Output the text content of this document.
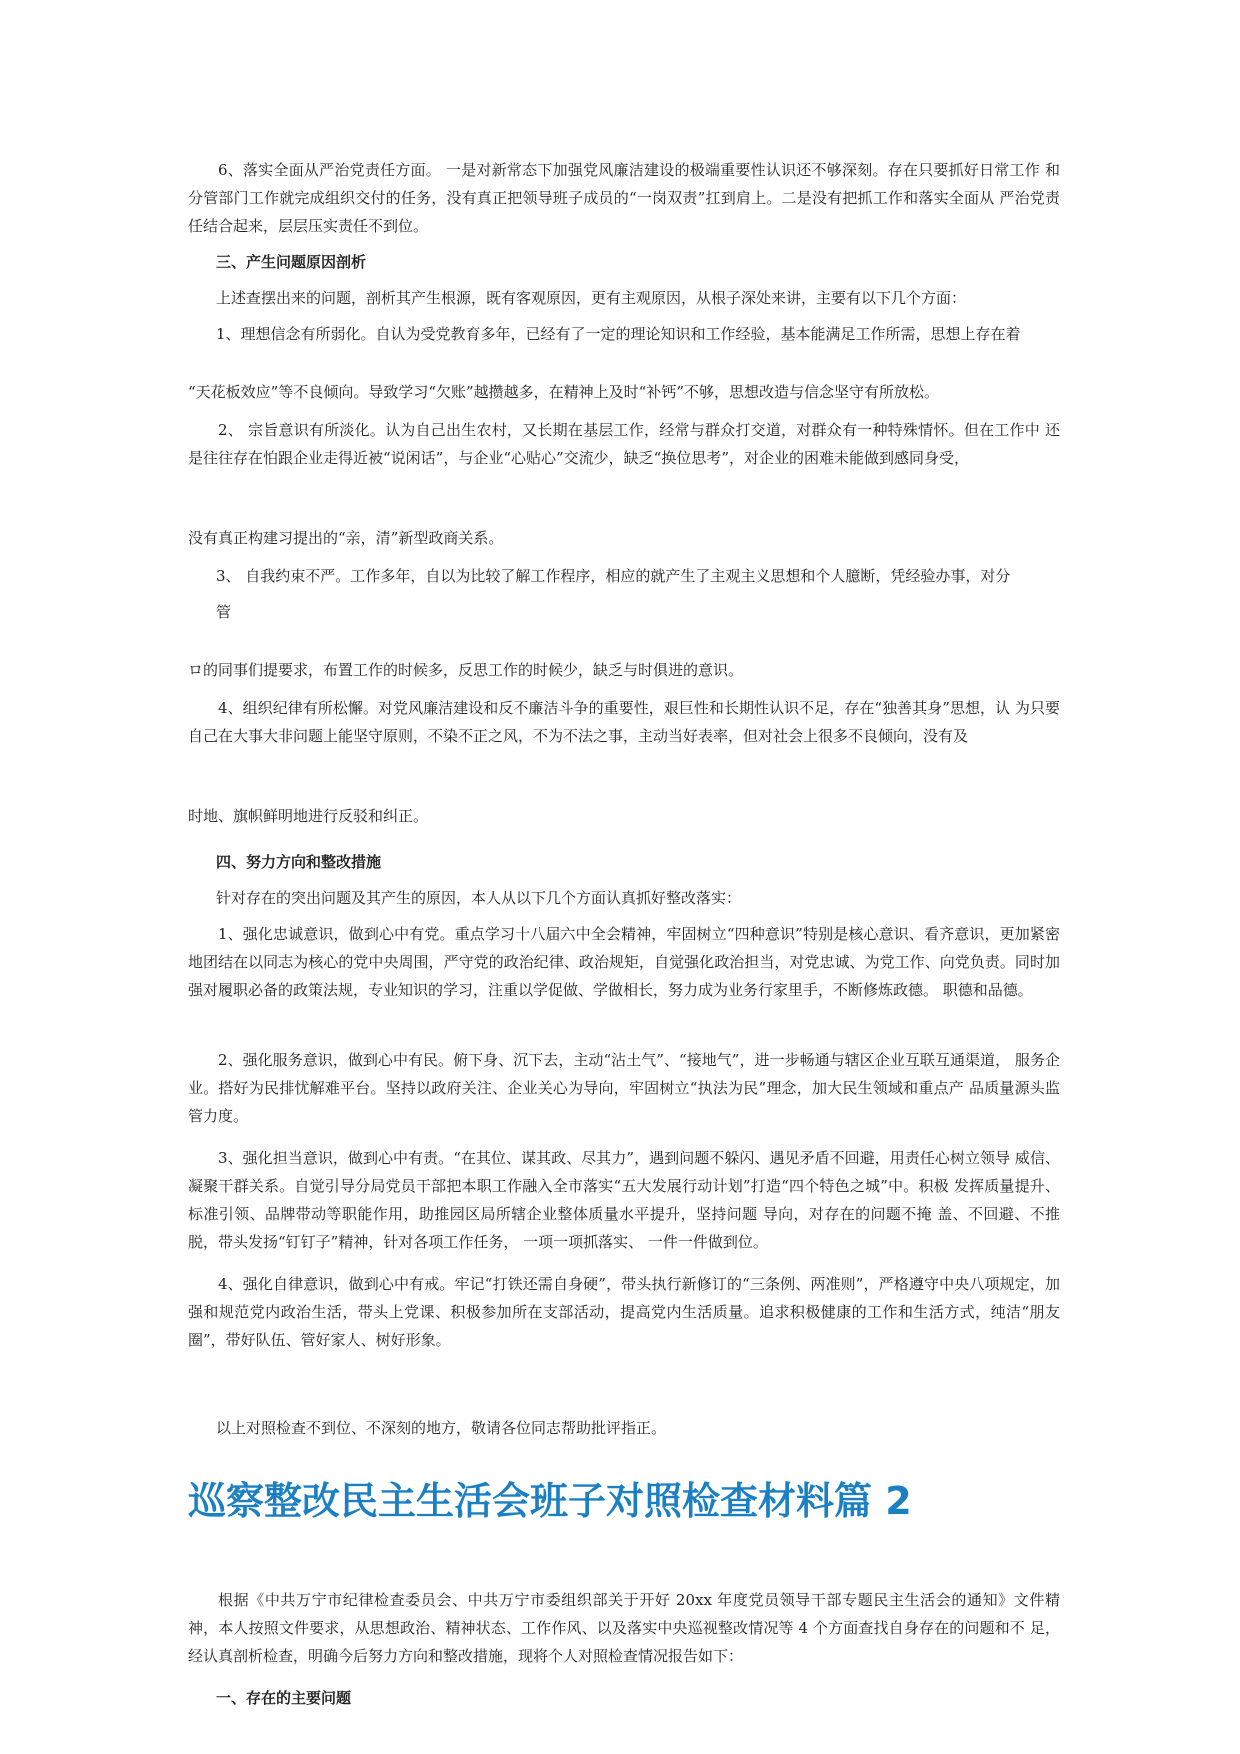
6、落实全面从严治党责任方面。 一是对新常态下加强党风廉洁建设的极端重要性认识还不够深刻。存在只要抓好日常工作 和分管部门工作就完成组织交付的任务，没有真正把领导班子成员的“一岗双责”扛到肩上。二是没有把抓工作和落实全面从 严治党责任结合起来，层层压实责任不到位。

三、产生问题原因剖析

上述查摆出来的问题，剖析其产生根源，既有客观原因，更有主观原因，从根子深处来讲，主要有以下几个方面：

1、理想信念有所弱化。自认为受党教育多年，已经有了一定的理论知识和工作经验，基本能满足工作所需，思想上存在着

“天花板效应”等不良倾向。导致学习“欠账”越攒越多，在精神上及时“补钙”不够，思想改造与信念坚守有所放松。

2、 宗旨意识有所淡化。认为自己出生农村，又长期在基层工作，经常与群众打交道，对群众有一种特殊情怀。但在工作中 还是往往存在怕跟企业走得近被“说闲话”，与企业“心贴心”交流少，缺乏“换位思考”，对企业的困难未能做到感同身受，

没有真正构建习提出的“亲，清”新型政商关系。

3、 自我约束不严。工作多年，自以为比较了解工作程序，相应的就产生了主观主义思想和个人臆断，凭经验办事，对分

管

ロ的同事们提要求，布置工作的时候多，反思工作的时候少，缺乏与时俱进的意识。

4、组织纪律有所松懈。对党风廉洁建设和反不廉洁斗争的重要性，艰巨性和长期性认识不足，存在“独善其身”思想，认 为只要自己在大事大非问题上能坚守原则，不染不正之风，不为不法之事，主动当好表率，但对社会上很多不良倾向，没有及

时地、旗帜鲜明地进行反驳和纠正。

四、努力方向和整改措施

针对存在的突出问题及其产生的原因，本人从以下几个方面认真抓好整改落实：

1、强化忠诚意识，做到心中有党。重点学习十八届六中全会精神，牢固树立“四种意识”特别是核心意识、看齐意识，更加紧密地团结在以同志为核心的党中央周围，严守党的政治纪律、政治规矩，自觉强化政治担当，对党忠诚、为党工作、向党负责。同时加强对履职必备的政策法规，专业知识的学习，注重以学促做、学做相长，努力成为业务行家里手，不断修炼政德。 职德和品德。

2、强化服务意识，做到心中有民。俯下身、沉下去，主动“沾土气”、“接地气”，进一步畅通与辖区企业互联互通渠道， 服务企业。搭好为民排忧解难平台。坚持以政府关注、企业关心为导向，牢固树立“执法为民”理念，加大民生领域和重点产 品质量源头监管力度。

3、强化担当意识，做到心中有责。“在其位、谋其政、尽其力”，遇到问题不躲闪、遇见矛盾不回避，用责任心树立领导 威信、凝聚干群关系。自觉引导分局党员干部把本职工作融入全市落实“五大发展行动计划”打造“四个特色之城”中。积极 发挥质量提升、标准引领、品牌带动等职能作用，助推园区局所辖企业整体质量水平提升，坚持问题 导向，对存在的问题不掩 盖、不回避、不推脱，带头发扬“钉钉子”精神，针对各项工作任务， 一项一项抓落实、 一件一件做到位。

4、强化自律意识，做到心中有戒。牢记“打铁还需自身硬”，带头执行新修订的“三条例、两准则”，严格遵守中央八项规定，加强和规范党内政治生活，带头上党课、积极参加所在支部活动，提高党内生活质量。追求积极健康的工作和生活方式，纯洁“朋友圈”，带好队伍、管好家人、树好形象。

以上对照检查不到位、不深刻的地方，敬请各位同志帮助批评指正。

巡察整改民主生活会班子对照检查材料篇 2

根据《中共万宁市纪律检查委员会、中共万宁市委组织部关于开好 20xx 年度党员领导干部专题民主生活会的通知》文件精 神，本人按照文件要求，从思想政治、精神状态、工作作风、以及落实中央巡视整改情况等 4 个方面查找自身存在的问题和不 足，经认真剖析检查，明确今后努力方向和整改措施，现将个人对照检查情况报告如下：

一、存在的主要问题
